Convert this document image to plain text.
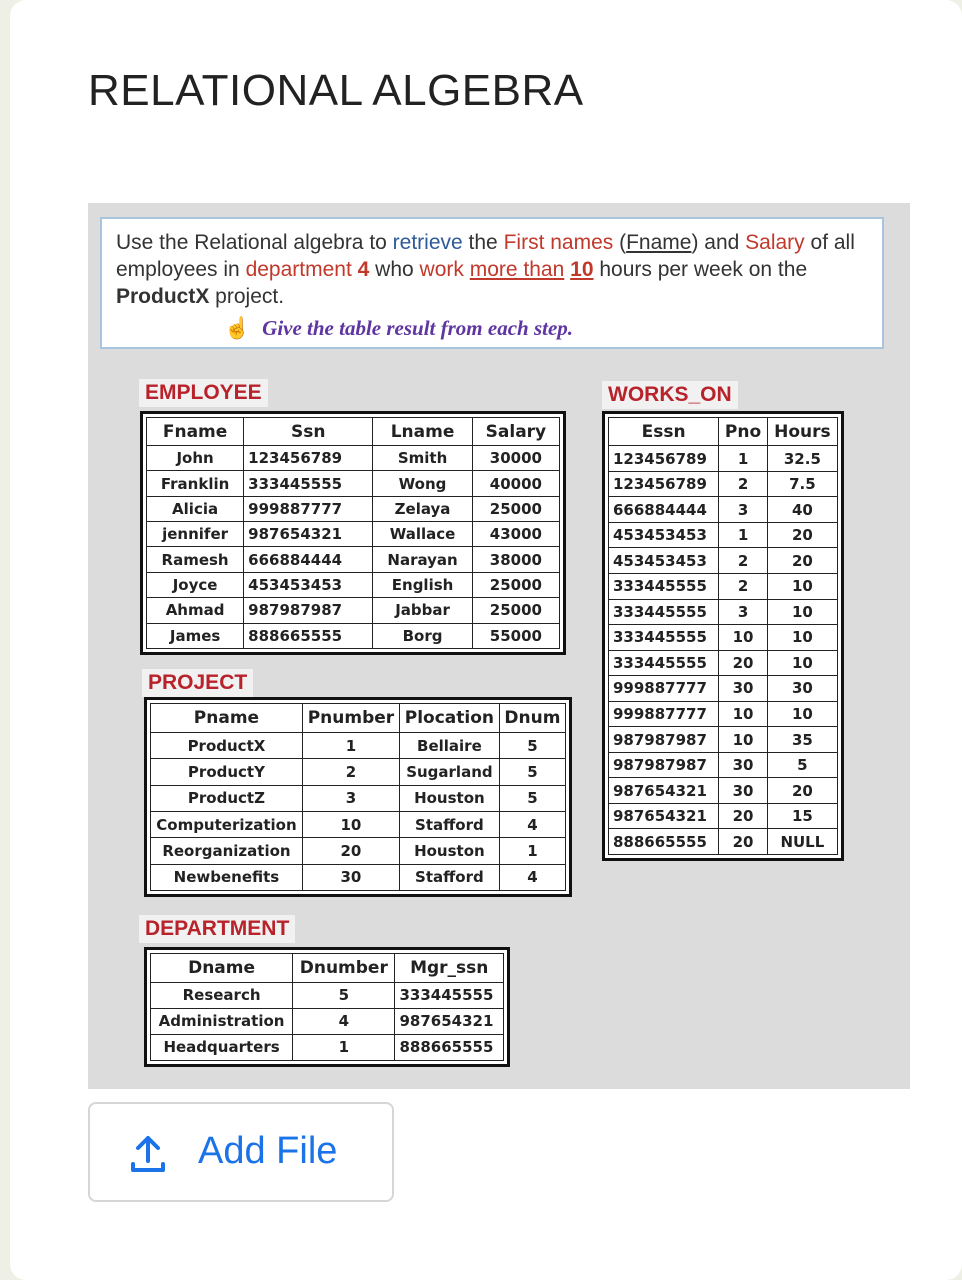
RELATIONAL ALGEBRA
Use the Relational algebra to retrieve the First names (Fname) and Salary of all employees in department 4 who work more than 10 hours per week on the ProductX project.
☝ Give the table result from each step.
EMPLOYEE
Fname	Ssn	Lname	Salary
John	123456789	Smith	30000
Franklin	333445555	Wong	40000
Alicia	999887777	Zelaya	25000
jennifer	987654321	Wallace	43000
Ramesh	666884444	Narayan	38000
Joyce	453453453	English	25000
Ahmad	987987987	Jabbar	25000
James	888665555	Borg	55000
PROJECT
Pname	Pnumber	Plocation	Dnum
ProductX	1	Bellaire	5
ProductY	2	Sugarland	5
ProductZ	3	Houston	5
Computerization	10	Stafford	4
Reorganization	20	Houston	1
Newbenefits	30	Stafford	4
DEPARTMENT
Dname	Dnumber	Mgr_ssn
Research	5	333445555
Administration	4	987654321
Headquarters	1	888665555
WORKS_ON
Essn	Pno	Hours
123456789	1	32.5
123456789	2	7.5
666884444	3	40
453453453	1	20
453453453	2	20
333445555	2	10
333445555	3	10
333445555	10	10
333445555	20	10
999887777	30	30
999887777	10	10
987987987	10	35
987987987	30	5
987654321	30	20
987654321	20	15
888665555	20	NULL
Add File
